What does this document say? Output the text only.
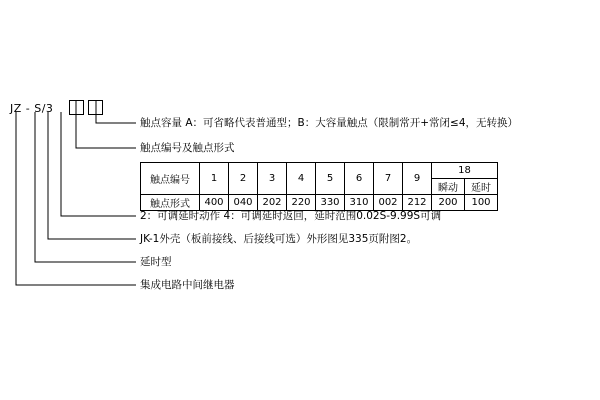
JZ - S/3
触点容量 A：可省略代表普通型；B：大容量触点（限制常开+常闭≤4，无转换）
触点编号及触点形式
触点编号	1	2	3	4	5	6	7	9	18	
									瞬动	延时
触点形式	400	040	202	220	330	310	002	212	200	100
2：可调延时动作 4：可调延时返回，延时范围0.02S-9.99S可调
JK-1外壳（板前接线、后接线可选）外形图见335页附图2。
延时型
集成电路中间继电器
